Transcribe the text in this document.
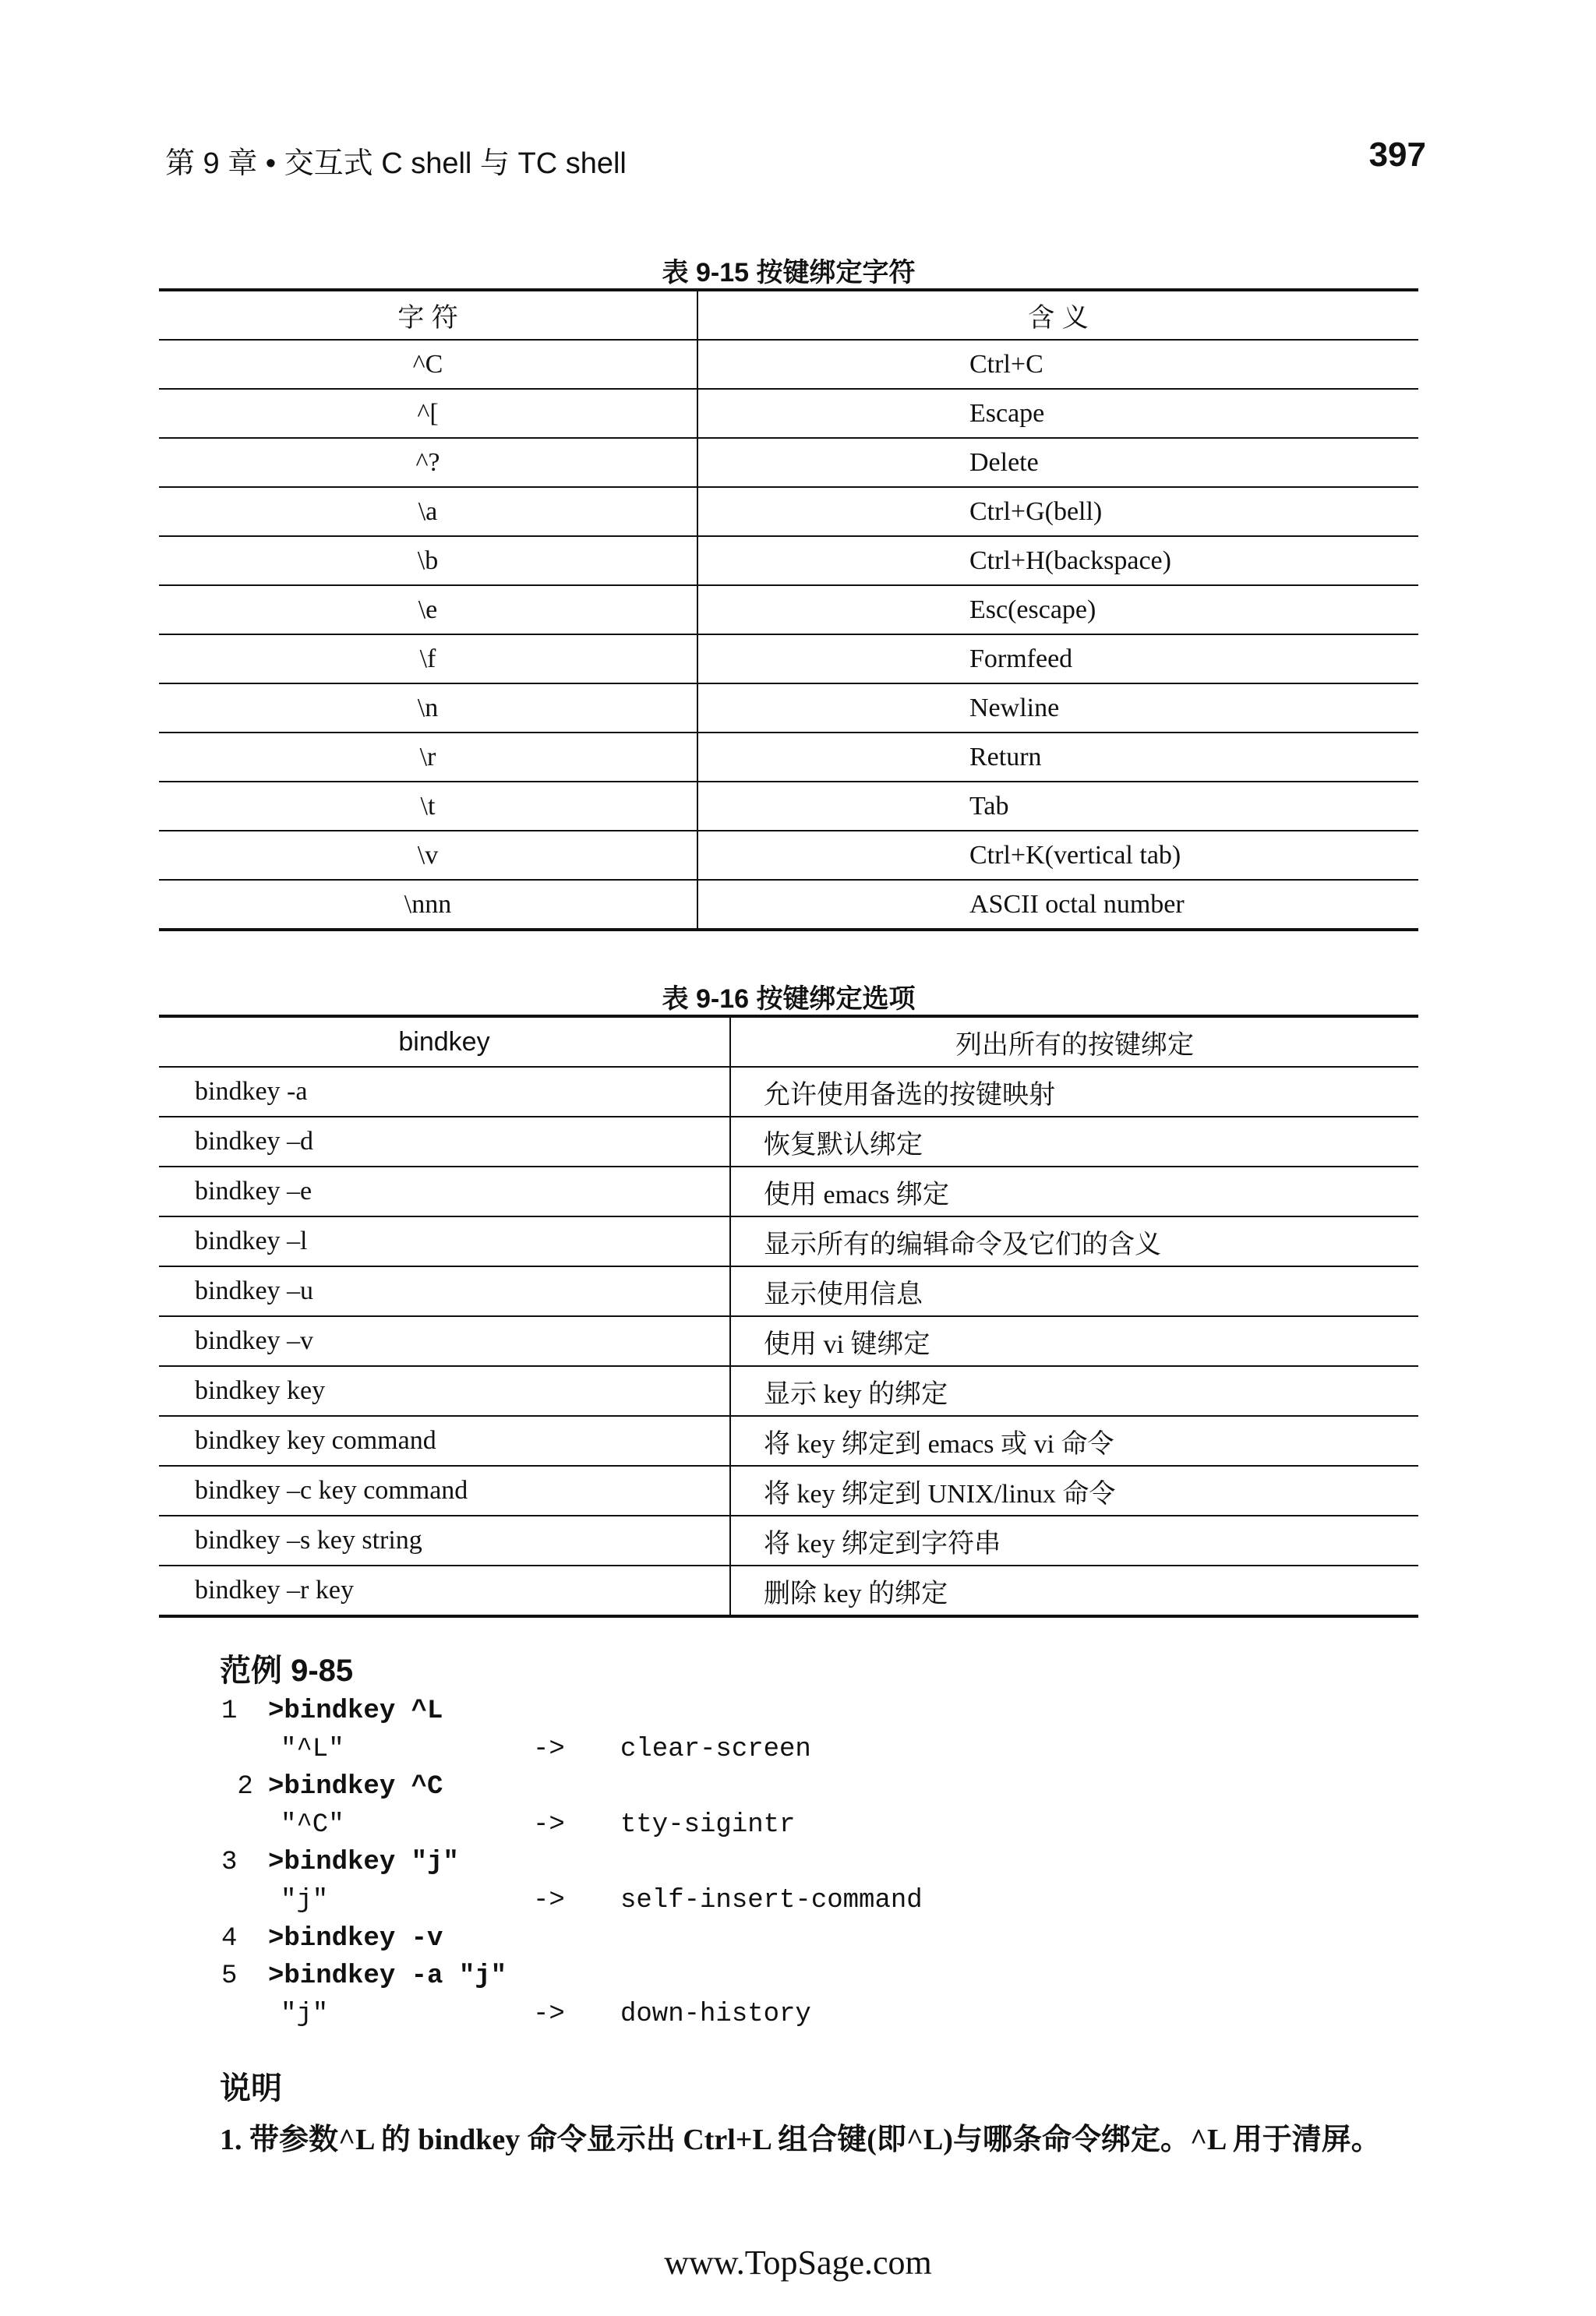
第 9 章 • 交互式 C shell 与 TC shell	397
表 9-15 按键绑定字符
字 符	含 义
^C	Ctrl+C
^[	Escape
^?	Delete
\a	Ctrl+G(bell)
\b	Ctrl+H(backspace)
\e	Esc(escape)
\f	Formfeed
\n	Newline
\r	Return
\t	Tab
\v	Ctrl+K(vertical tab)
\nnn	ASCII octal number
表 9-16 按键绑定选项
bindkey	列出所有的按键绑定
bindkey -a	允许使用备选的按键映射
bindkey –d	恢复默认绑定
bindkey –e	使用 emacs 绑定
bindkey –l	显示所有的编辑命令及它们的含义
bindkey –u	显示使用信息
bindkey –v	使用 vi 键绑定
bindkey key	显示 key 的绑定
bindkey key command	将 key 绑定到 emacs 或 vi 命令
bindkey –c key command	将 key 绑定到 UNIX/linux 命令
bindkey –s key string	将 key 绑定到字符串
bindkey –r key	删除 key 的绑定
范例 9-85
1 >bindkey ^L
"^L"	-> clear-screen
2 >bindkey ^C
"^C"	-> tty-sigintr
3 >bindkey "j"
"j"	-> self-insert-command
4 >bindkey -v
5 >bindkey -a "j"
"j"	-> down-history
说明
1. 带参数^L 的 bindkey 命令显示出 Ctrl+L 组合键(即^L)与哪条命令绑定。^L 用于清屏。
www.TopSage.com
